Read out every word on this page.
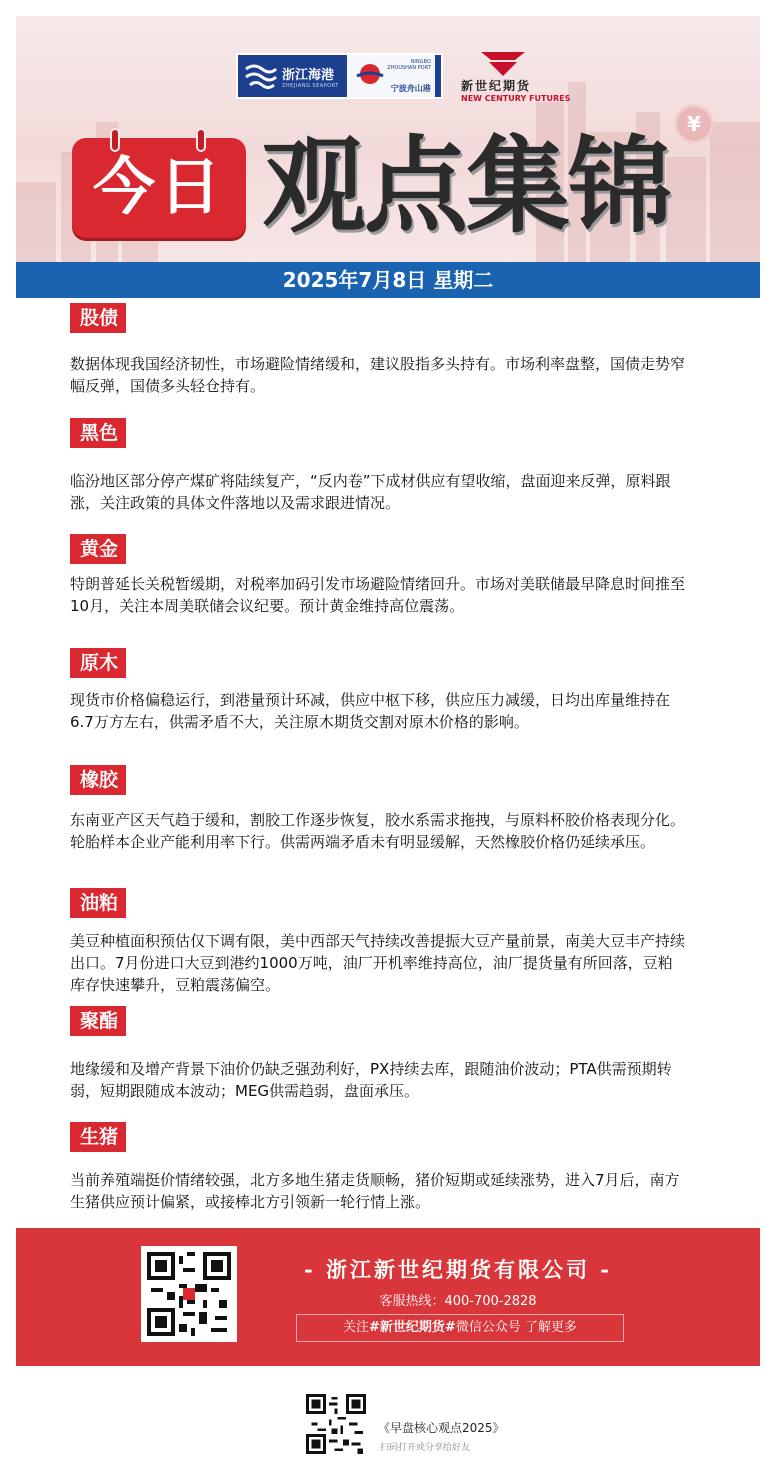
浙江海港
ZHEJIANG SEAPORT
NINGBO ZHOUSHAN PORT
宁波舟山港	新世纪期货
NEW CENTURY FUTURES
¥
今日 观点集锦
2025年7月8日 星期二
股债
数据体现我国经济韧性，市场避险情绪缓和，建议股指多头持有。市场利率盘整，国债走势窄幅反弹，国债多头轻仓持有。
黑色
临汾地区部分停产煤矿将陆续复产，“反内卷”下成材供应有望收缩，盘面迎来反弹，原料跟涨，关注政策的具体文件落地以及需求跟进情况。
黄金
特朗普延长关税暂缓期，对税率加码引发市场避险情绪回升。市场对美联储最早降息时间推至10月，关注本周美联储会议纪要。预计黄金维持高位震荡。
原木
现货市价格偏稳运行，到港量预计环减，供应中枢下移，供应压力减缓，日均出库量维持在6.7万方左右，供需矛盾不大，关注原木期货交割对原木价格的影响。
橡胶
东南亚产区天气趋于缓和，割胶工作逐步恢复，胶水系需求拖拽，与原料杯胶价格表现分化。轮胎样本企业产能利用率下行。供需两端矛盾未有明显缓解，天然橡胶价格仍延续承压。
油粕
美豆种植面积预估仅下调有限，美中西部天气持续改善提振大豆产量前景，南美大豆丰产持续出口。7月份进口大豆到港约1000万吨，油厂开机率维持高位，油厂提货量有所回落，豆粕库存快速攀升，豆粕震荡偏空。
聚酯
地缘缓和及增产背景下油价仍缺乏强劲利好，PX持续去库，跟随油价波动；PTA供需预期转弱，短期跟随成本波动；MEG供需趋弱，盘面承压。
生猪
当前养殖端挺价情绪较强，北方多地生猪走货顺畅，猪价短期或延续涨势，进入7月后，南方生猪供应预计偏紧，或接棒北方引领新一轮行情上涨。
- 浙江新世纪期货有限公司 -
客服热线：400-700-2828
关注#新世纪期货#微信公众号 了解更多
《早盘核心观点2025》
扫码打开或分享给好友
